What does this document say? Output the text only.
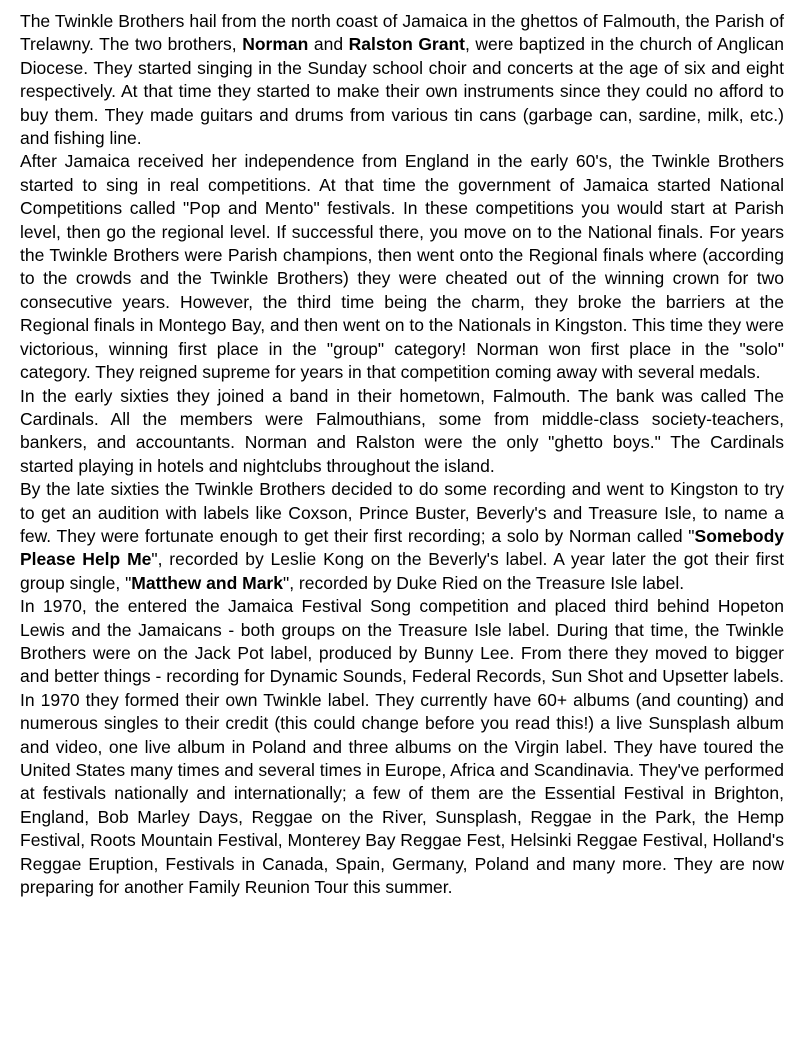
The Twinkle Brothers hail from the north coast of Jamaica in the ghettos of Falmouth, the Parish of Trelawny. The two brothers, Norman and Ralston Grant, were baptized in the church of Anglican Diocese. They started singing in the Sunday school choir and concerts at the age of six and eight respectively. At that time they started to make their own instruments since they could no afford to buy them. They made guitars and drums from various tin cans (garbage can, sardine, milk, etc.) and fishing line.

After Jamaica received her independence from England in the early 60's, the Twinkle Brothers started to sing in real competitions. At that time the government of Jamaica started National Competitions called "Pop and Mento" festivals. In these competitions you would start at Parish level, then go the regional level. If successful there, you move on to the National finals. For years the Twinkle Brothers were Parish champions, then went onto the Regional finals where (according to the crowds and the Twinkle Brothers) they were cheated out of the winning crown for two consecutive years. However, the third time being the charm, they broke the barriers at the Regional finals in Montego Bay, and then went on to the Nationals in Kingston. This time they were victorious, winning first place in the "group" category! Norman won first place in the "solo" category. They reigned supreme for years in that competition coming away with several medals.

In the early sixties they joined a band in their hometown, Falmouth. The bank was called The Cardinals. All the members were Falmouthians, some from middle-class society-teachers, bankers, and accountants. Norman and Ralston were the only "ghetto boys." The Cardinals started playing in hotels and nightclubs throughout the island.

By the late sixties the Twinkle Brothers decided to do some recording and went to Kingston to try to get an audition with labels like Coxson, Prince Buster, Beverly's and Treasure Isle, to name a few. They were fortunate enough to get their first recording; a solo by Norman called "Somebody Please Help Me", recorded by Leslie Kong on the Beverly's label. A year later the got their first group single, "Matthew and Mark", recorded by Duke Ried on the Treasure Isle label.

In 1970, the entered the Jamaica Festival Song competition and placed third behind Hopeton Lewis and the Jamaicans - both groups on the Treasure Isle label. During that time, the Twinkle Brothers were on the Jack Pot label, produced by Bunny Lee. From there they moved to bigger and better things - recording for Dynamic Sounds, Federal Records, Sun Shot and Upsetter labels. In 1970 they formed their own Twinkle label. They currently have 60+ albums (and counting) and numerous singles to their credit (this could change before you read this!) a live Sunsplash album and video, one live album in Poland and three albums on the Virgin label. They have toured the United States many times and several times in Europe, Africa and Scandinavia. They've performed at festivals nationally and internationally; a few of them are the Essential Festival in Brighton, England, Bob Marley Days, Reggae on the River, Sunsplash, Reggae in the Park, the Hemp Festival, Roots Mountain Festival, Monterey Bay Reggae Fest, Helsinki Reggae Festival, Holland's Reggae Eruption, Festivals in Canada, Spain, Germany, Poland and many more. They are now preparing for another Family Reunion Tour this summer.
